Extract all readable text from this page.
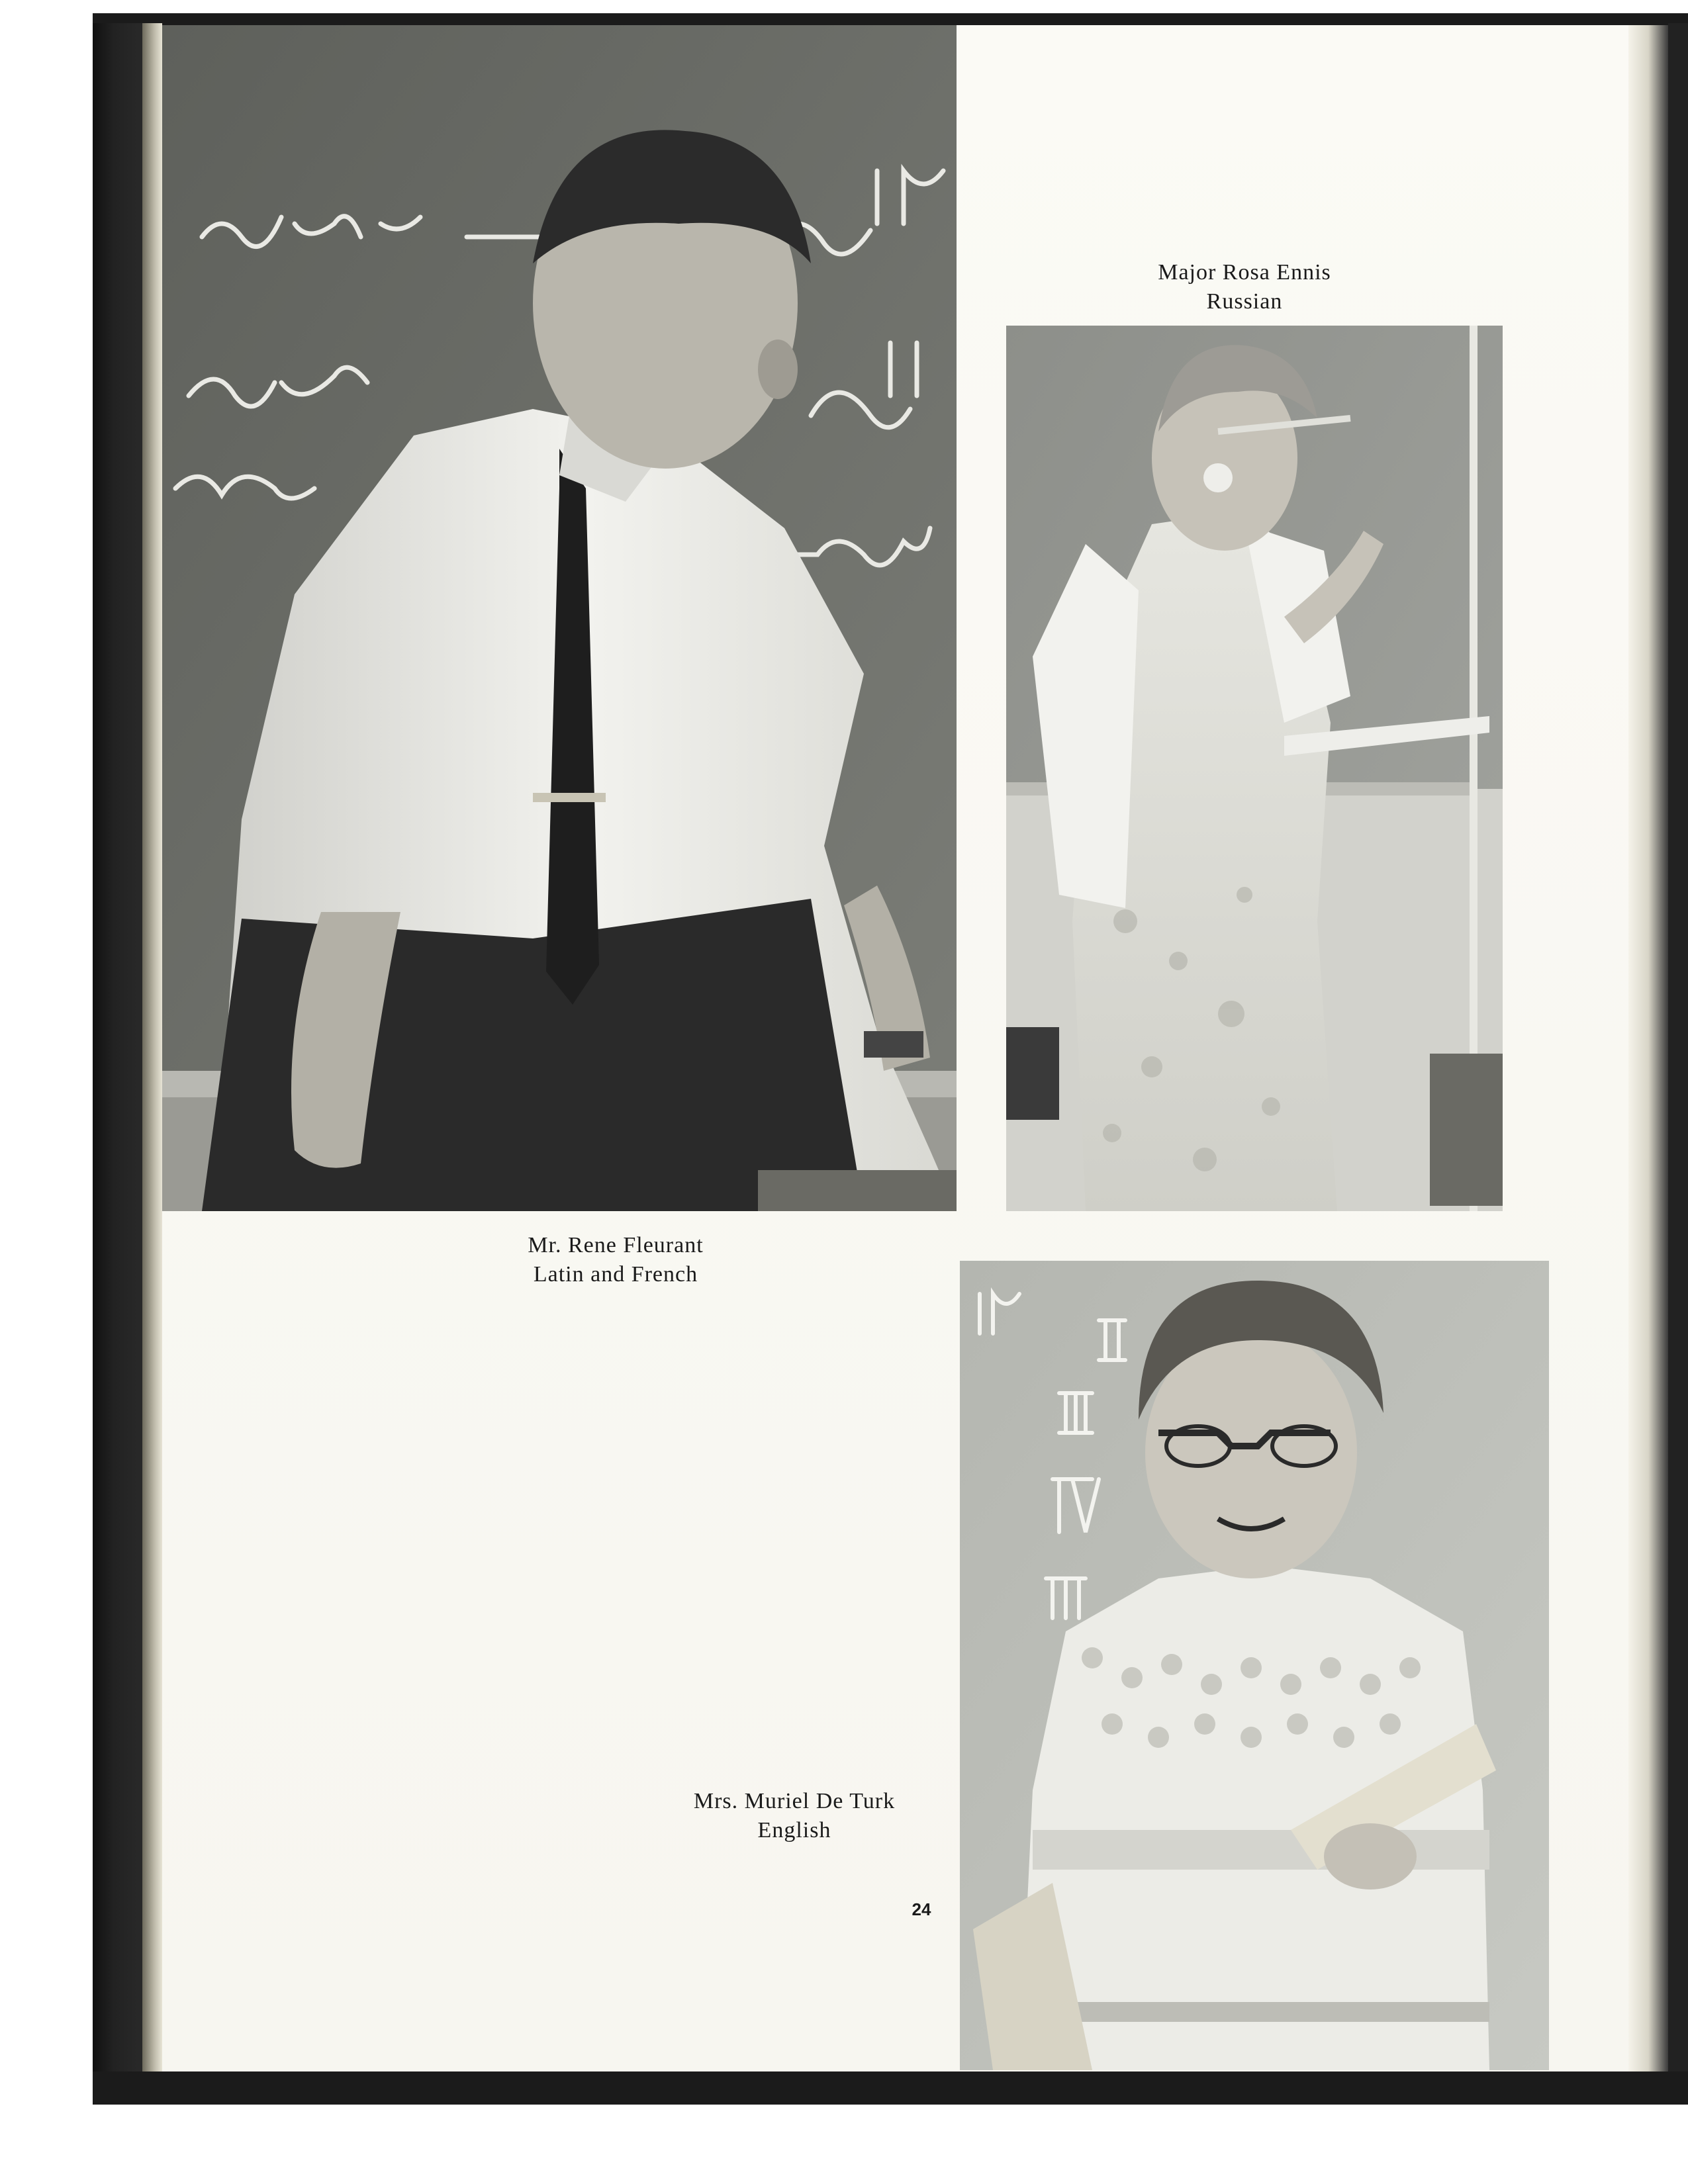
Major Rosa Ennis
Russian
Mr. Rene Fleurant
Latin and French
Mrs. Muriel De Turk
English
24
